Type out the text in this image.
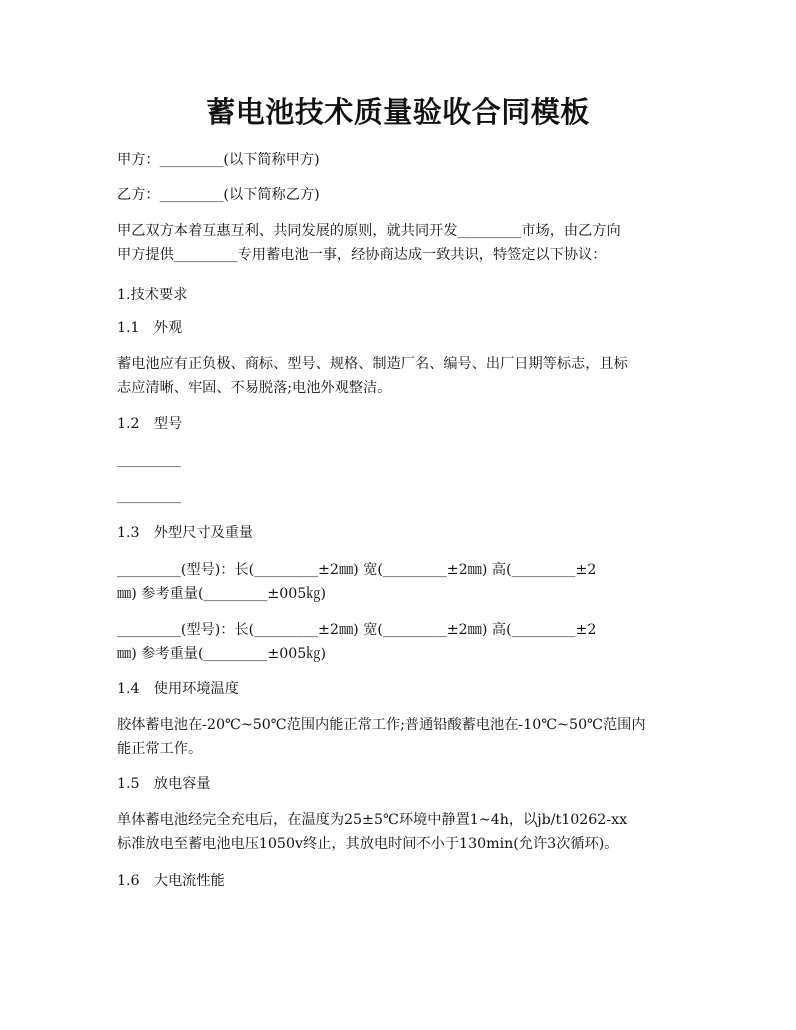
蓄电池技术质量验收合同模板
甲方：_________(以下简称甲方)
乙方：_________(以下简称乙方)
甲乙双方本着互惠互利、共同发展的原则，就共同开发_________市场，由乙方向
甲方提供_________专用蓄电池一事，经协商达成一致共识，特签定以下协议：
1.技术要求
1.1　外观
蓄电池应有正负极、商标、型号、规格、制造厂名、编号、出厂日期等标志，且标
志应清晰、牢固、不易脱落;电池外观整洁。
1.2　型号
_________
_________
1.3　外型尺寸及重量
_________(型号)：长(_________±2㎜) 宽(_________±2㎜) 高(_________±2
㎜) 参考重量(_________±005㎏)
_________(型号)：长(_________±2㎜) 宽(_________±2㎜) 高(_________±2
㎜) 参考重量(_________±005㎏)
1.4　使用环境温度
胶体蓄电池在-20℃~50℃范围内能正常工作;普通铅酸蓄电池在-10℃~50℃范围内
能正常工作。
1.5　放电容量
单体蓄电池经完全充电后，在温度为25±5℃环境中静置1~4h，以jb/t10262-xx
标准放电至蓄电池电压1050v终止，其放电时间不小于130min(允许3次循环)。
1.6　大电流性能
